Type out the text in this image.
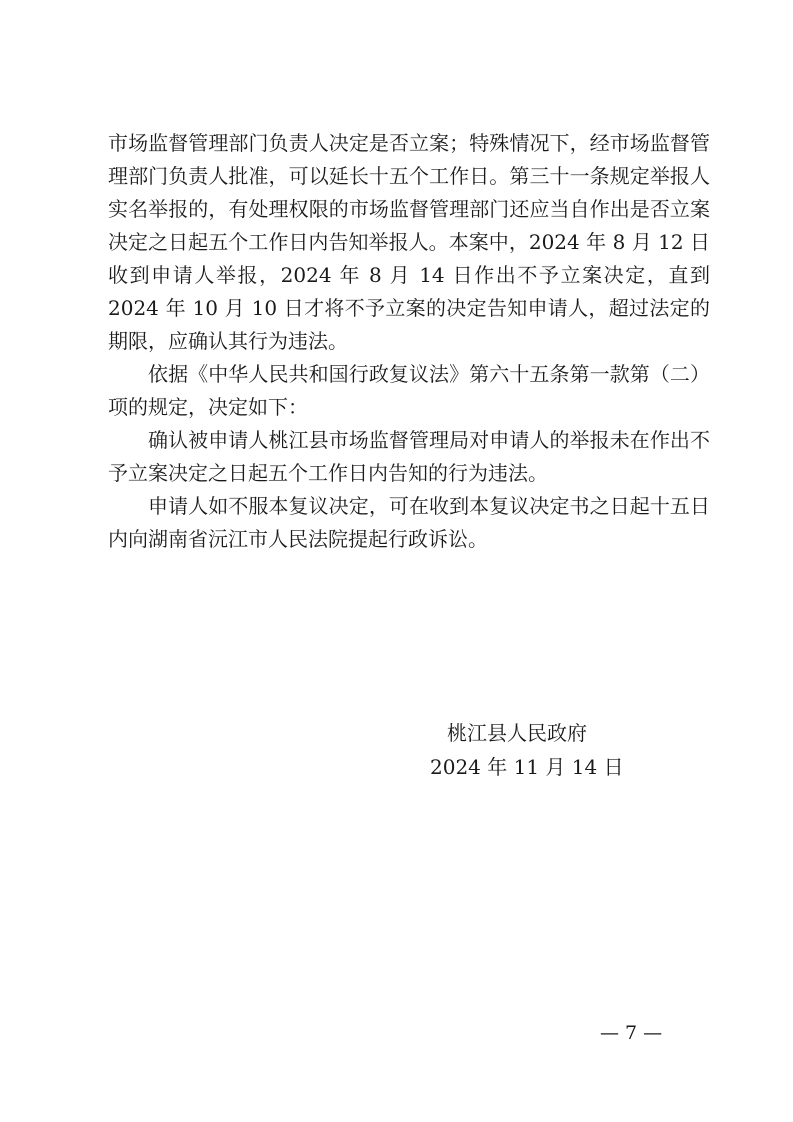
市场监督管理部门负责人决定是否立案；特殊情况下，经市场监督管理部门负责人批准，可以延长十五个工作日。第三十一条规定举报人实名举报的，有处理权限的市场监督管理部门还应当自作出是否立案决定之日起五个工作日内告知举报人。本案中，2024 年 8 月 12 日收到申请人举报，2024 年 8 月 14 日作出不予立案决定，直到 2024 年 10 月 10 日才将不予立案的决定告知申请人，超过法定的期限，应确认其行为违法。

依据《中华人民共和国行政复议法》第六十五条第一款第（二）项的规定，决定如下：

确认被申请人桃江县市场监督管理局对申请人的举报未在作出不予立案决定之日起五个工作日内告知的行为违法。

申请人如不服本复议决定，可在收到本复议决定书之日起十五日内向湖南省沅江市人民法院提起行政诉讼。

桃江县人民政府
2024 年 11 月 14 日
— 7 —
